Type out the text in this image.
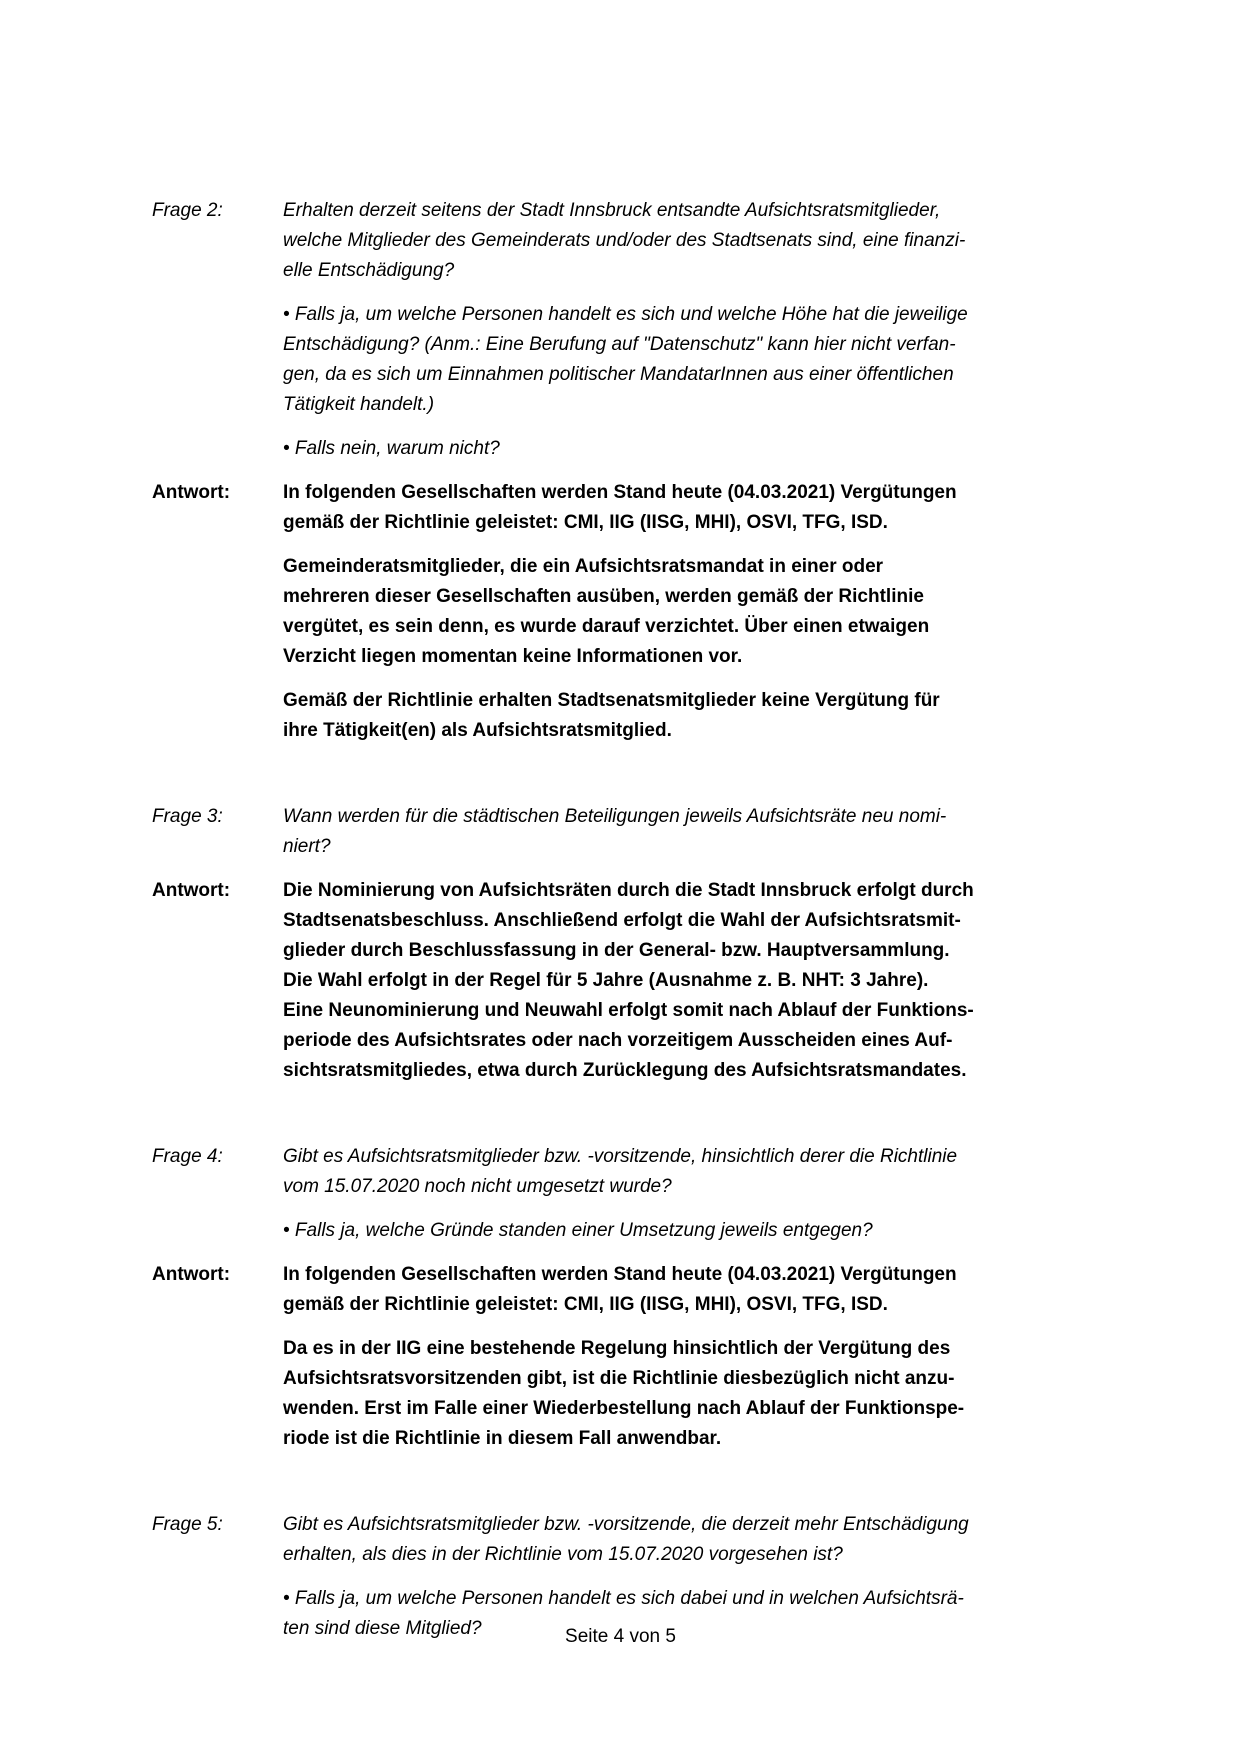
Frage 2:	Erhalten derzeit seitens der Stadt Innsbruck entsandte Aufsichtsratsmitglieder,
welche Mitglieder des Gemeinderats und/oder des Stadtsenats sind, eine finanzi-
elle Entschädigung?
• Falls ja, um welche Personen handelt es sich und welche Höhe hat die jeweilige
Entschädigung? (Anm.: Eine Berufung auf "Datenschutz" kann hier nicht verfan-
gen, da es sich um Einnahmen politischer MandatarInnen aus einer öffentlichen
Tätigkeit handelt.)
• Falls nein, warum nicht?
Antwort:	In folgenden Gesellschaften werden Stand heute (04.03.2021) Vergütungen
gemäß der Richtlinie geleistet: CMI, IIG (IISG, MHI), OSVI, TFG, ISD.
Gemeinderatsmitglieder, die ein Aufsichtsratsmandat in einer oder
mehreren dieser Gesellschaften ausüben, werden gemäß der Richtlinie
vergütet, es sein denn, es wurde darauf verzichtet. Über einen etwaigen
Verzicht liegen momentan keine Informationen vor.
Gemäß der Richtlinie erhalten Stadtsenatsmitglieder keine Vergütung für
ihre Tätigkeit(en) als Aufsichtsratsmitglied.
Frage 3:	Wann werden für die städtischen Beteiligungen jeweils Aufsichtsräte neu nomi-
niert?
Antwort:	Die Nominierung von Aufsichtsräten durch die Stadt Innsbruck erfolgt durch
Stadtsenatsbeschluss. Anschließend erfolgt die Wahl der Aufsichtsratsmit-
glieder durch Beschlussfassung in der General- bzw. Hauptversammlung.
Die Wahl erfolgt in der Regel für 5 Jahre (Ausnahme z. B. NHT: 3 Jahre).
Eine Neunominierung und Neuwahl erfolgt somit nach Ablauf der Funktions-
periode des Aufsichtsrates oder nach vorzeitigem Ausscheiden eines Auf-
sichtsratsmitgliedes, etwa durch Zurücklegung des Aufsichtsratsmandates.
Frage 4:	Gibt es Aufsichtsratsmitglieder bzw. -vorsitzende, hinsichtlich derer die Richtlinie
vom 15.07.2020 noch nicht umgesetzt wurde?
• Falls ja, welche Gründe standen einer Umsetzung jeweils entgegen?
Antwort:	In folgenden Gesellschaften werden Stand heute (04.03.2021) Vergütungen
gemäß der Richtlinie geleistet: CMI, IIG (IISG, MHI), OSVI, TFG, ISD.
Da es in der IIG eine bestehende Regelung hinsichtlich der Vergütung des
Aufsichtsratsvorsitzenden gibt, ist die Richtlinie diesbezüglich nicht anzu-
wenden. Erst im Falle einer Wiederbestellung nach Ablauf der Funktionspe-
riode ist die Richtlinie in diesem Fall anwendbar.
Frage 5:	Gibt es Aufsichtsratsmitglieder bzw. -vorsitzende, die derzeit mehr Entschädigung
erhalten, als dies in der Richtlinie vom 15.07.2020 vorgesehen ist?
• Falls ja, um welche Personen handelt es sich dabei und in welchen Aufsichtsrä-
ten sind diese Mitglied?	Seite 4 von 5
